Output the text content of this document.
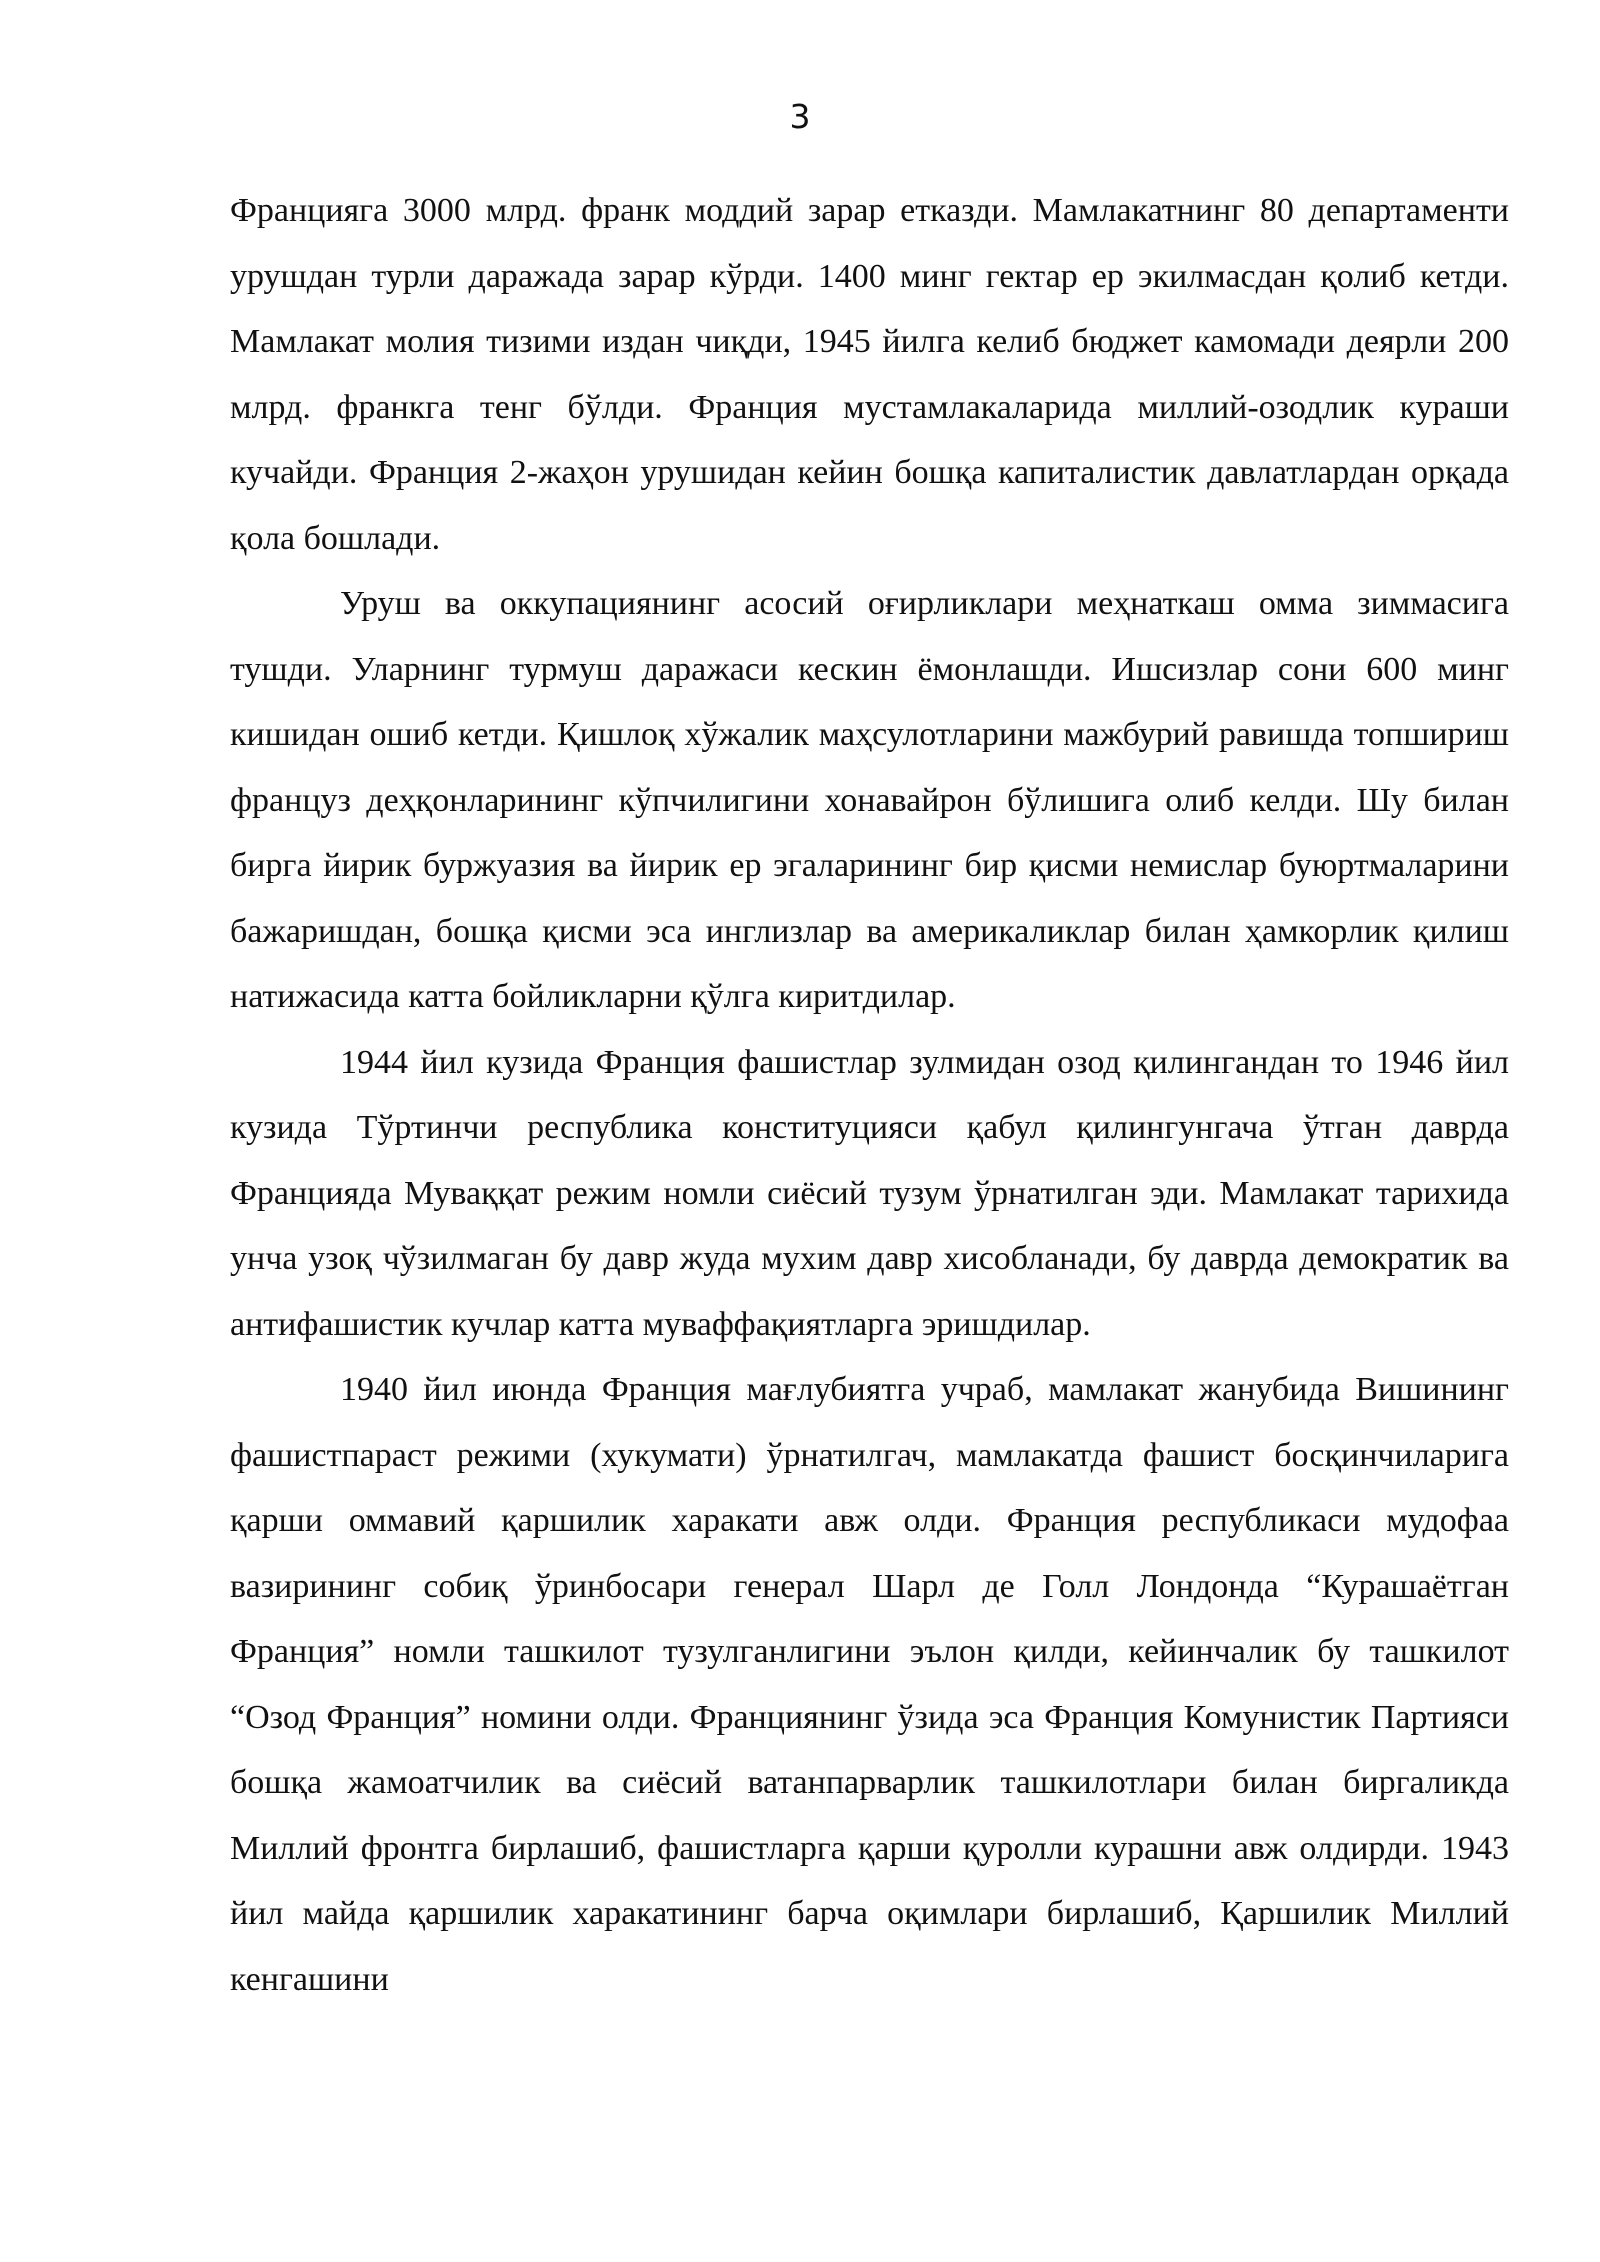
3

Францияга 3000 млрд. франк моддий зарар етказди. Мамлакатнинг 80 департаменти урушдан турли даражада зарар кўрди. 1400 минг гектар ер экилмасдан қолиб кетди. Мамлакат молия тизими издан чиқди, 1945 йилга келиб бюджет камомади деярли 200 млрд. франкга тенг бўлди. Франция мустамлакаларида миллий-озодлик кураши кучайди. Франция 2-жаҳон урушидан кейин бошқа капиталистик давлатлардан орқада қола бошлади.

Уруш ва оккупациянинг асосий оғирликлари меҳнаткаш омма зиммасига тушди. Уларнинг турмуш даражаси кескин ёмонлашди. Ишсизлар сони 600 минг кишидан ошиб кетди. Қишлоқ хўжалик маҳсулотларини мажбурий равишда топшириш француз деҳқонларининг кўпчилигини хонавайрон бўлишига олиб келди. Шу билан бирга йирик буржуазия ва йирик ер эгаларининг бир қисми немислар буюртмаларини бажаришдан, бошқа қисми эса инглизлар ва америкаликлар билан ҳамкорлик қилиш натижасида катта бойликларни қўлга киритдилар.

1944 йил кузида Франция фашистлар зулмидан озод қилингандан то 1946 йил кузида Тўртинчи республика конституцияси қабул қилингунгача ўтган даврда Францияда Муваққат режим номли сиёсий тузум ўрнатилган эди. Мамлакат тарихида унча узоқ чўзилмаган бу давр жуда мухим давр хисобланади, бу даврда демократик ва антифашистик кучлар катта муваффақиятларга эришдилар.

1940 йил июнда Франция мағлубиятга учраб, мамлакат жанубида Вишининг фашистпараст режими (хукумати) ўрнатилгач, мамлакатда фашист босқинчиларига қарши оммавий қаршилик харакати авж олди. Франция республикаси мудофаа вазирининг собиқ ўринбосари генерал Шарл де Голл Лондонда “Курашаётган Франция” номли ташкилот тузулганлигини эълон қилди, кейинчалик бу ташкилот “Озод Франция” номини олди. Франциянинг ўзида эса Франция Комунистик Партияси бошқа жамоатчилик ва сиёсий ватанпарварлик ташкилотлари билан биргаликда Миллий фронтга бирлашиб, фашистларга қарши қуролли курашни авж олдирди. 1943 йил майда қаршилик харакатининг барча оқимлари бирлашиб, Қаршилик Миллий кенгашини
